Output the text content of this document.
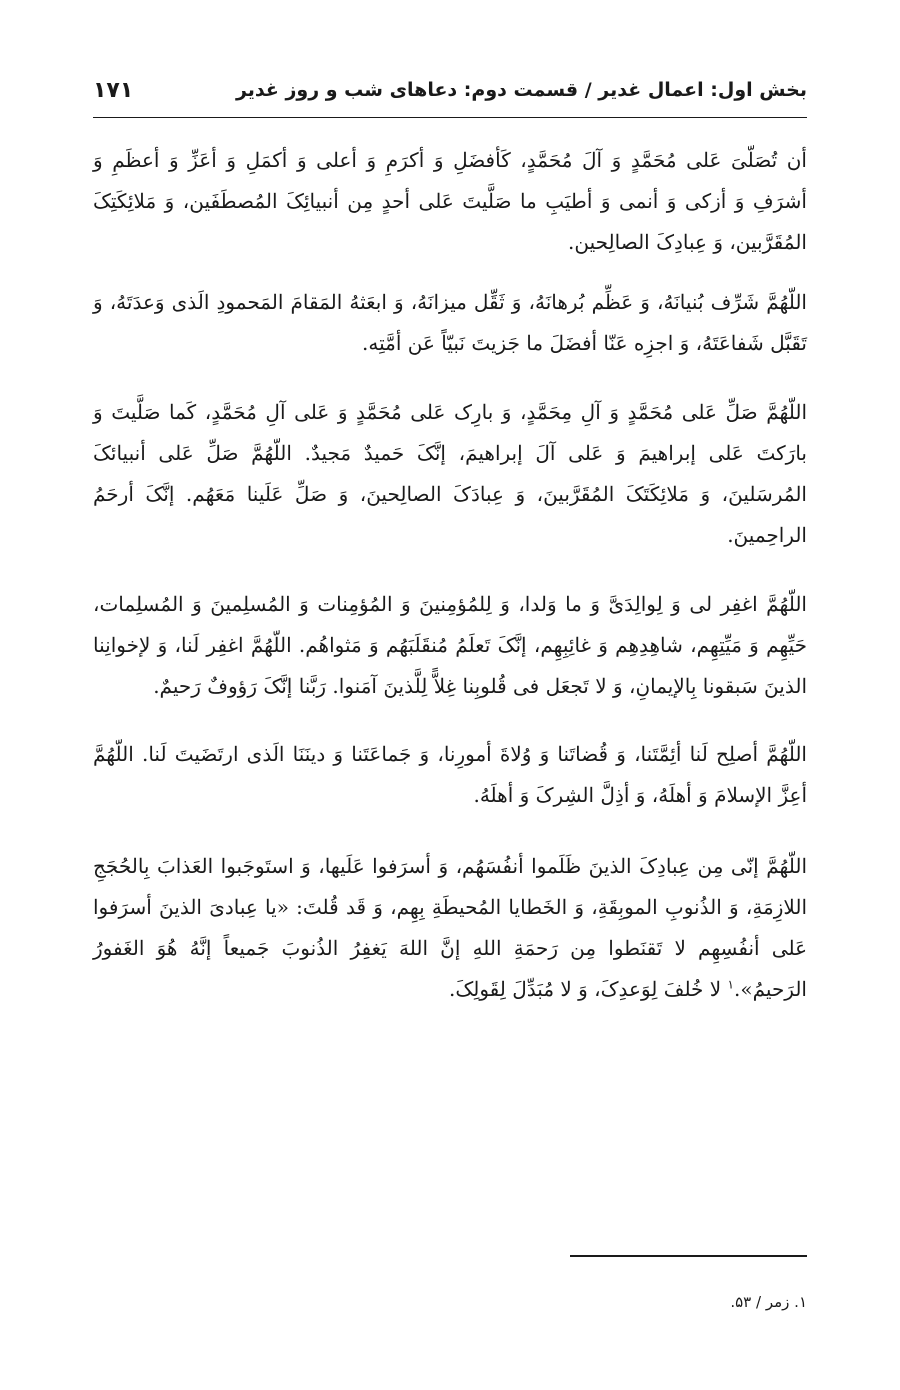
بخش اول: اعمال غدیر / قسمت دوم: دعاهای شب و روز غدیر
۱۷۱

أن تُصَلّیَ عَلی مُحَمَّدٍ وَ آلَ مُحَمَّدٍ، کَأفضَلِ وَ أکرَمِ وَ أعلی وَ أکمَلِ وَ أعَزِّ وَ أعظَمِ وَ أشرَفِ وَ أزکی وَ أنمی وَ أطیَبِ ما صَلَّیتَ عَلی أحدٍ مِن أنبیائِکَ المُصطَفَین، وَ مَلائِکَتِکَ المُقَرَّبین، وَ عِبادِکَ الصالِحین.

اللّهُمَّ شَرِّف بُنیانَهُ، وَ عَظِّم بُرهانَهُ، وَ ثَقِّل میزانَهُ، وَ ابعَثهُ المَقامَ المَحمودِ الَذی وَعدَتَهُ، وَ تَقَبَّل شَفاعَتَهُ، وَ اجزِه عَنّا أفضَلَ ما جَزیتَ نَبیّاً عَن أمَّتِه.

اللّهُمَّ صَلِّ عَلی مُحَمَّدٍ وَ آلِ مِحَمَّدٍ، وَ بارِک عَلی مُحَمَّدٍ وَ عَلی آلِ مُحَمَّدٍ، کَما صَلَّیتَ وَ بارَکتَ عَلی إبراهیمَ وَ عَلی آلَ إبراهیمَ، إنَّکَ حَمیدٌ مَجیدٌ. اللّهُمَّ صَلِّ عَلی أنبیائکَ المُرسَلینَ، وَ مَلائِکَتَکَ المُقَرَّبینَ، وَ عِبادَکَ الصالِحینَ، وَ صَلِّ عَلَینا مَعَهُم. إنَّکَ أرحَمُ الراحِمینَ.

اللّهُمَّ اغفِر لی وَ لِوالِدَیَّ وَ ما وَلدا، وَ لِلمُؤمِنینَ وَ المُؤمِنات وَ المُسلِمینَ وَ المُسلِمات، حَیِّهِم وَ مَیِّتِهِم، شاهِدِهِم وَ غائِبِهِم، إنَّکَ تَعلَمُ مُنقَلَبَهُم وَ مَثواهُم. اللّهُمَّ اغفِر لَنا، وَ لإخوانِنا الذینَ سَبقونا بِالإیمانِ، وَ لا تَجعَل فی قُلوبِنا غِلاًّ لِلَّذینَ آمَنوا. رَبَّنا إنَّکَ رَؤوفٌ رَحیمٌ.

اللّهُمَّ أصلِح لَنا أئِمَّتَنا، وَ قُضاتَنا وَ وُلاةَ أمورِنا، وَ جَماعَتَنا وَ دینَنَا الَذی ارتَضَیتَ لَنا. اللّهُمَّ أعِزَّ الإسلامَ وَ أهلَهُ، وَ أذِلَّ الشِرکَ وَ أهلَهُ.

اللّهُمَّ إنّی مِن عِبادِکَ الذینَ ظَلَموا أنفُسَهُم، وَ أسرَفوا عَلَیها، وَ استَوجَبوا العَذابَ بِالحُجَجِ اللازِمَةِ، وَ الذُنوبِ الموبِقَةِ، وَ الخَطایا المُحیطَةِ بِهِم، وَ قَد قُلتَ: «یا عِبادیَ الذینَ أسرَفوا عَلی أنفُسِهِم لا تَقنَطوا مِن رَحمَةِ اللهِ إنَّ اللهَ یَغفِرُ الذُنوبَ جَمیعاً إنَّهُ هُوَ الغَفورُ الرَحیمُ».$^۱$ لا خُلفَ لِوَعدِکَ، وَ لا مُبَدِّلَ لِقَولِکَ.

۱. زمر / ۵۳.
